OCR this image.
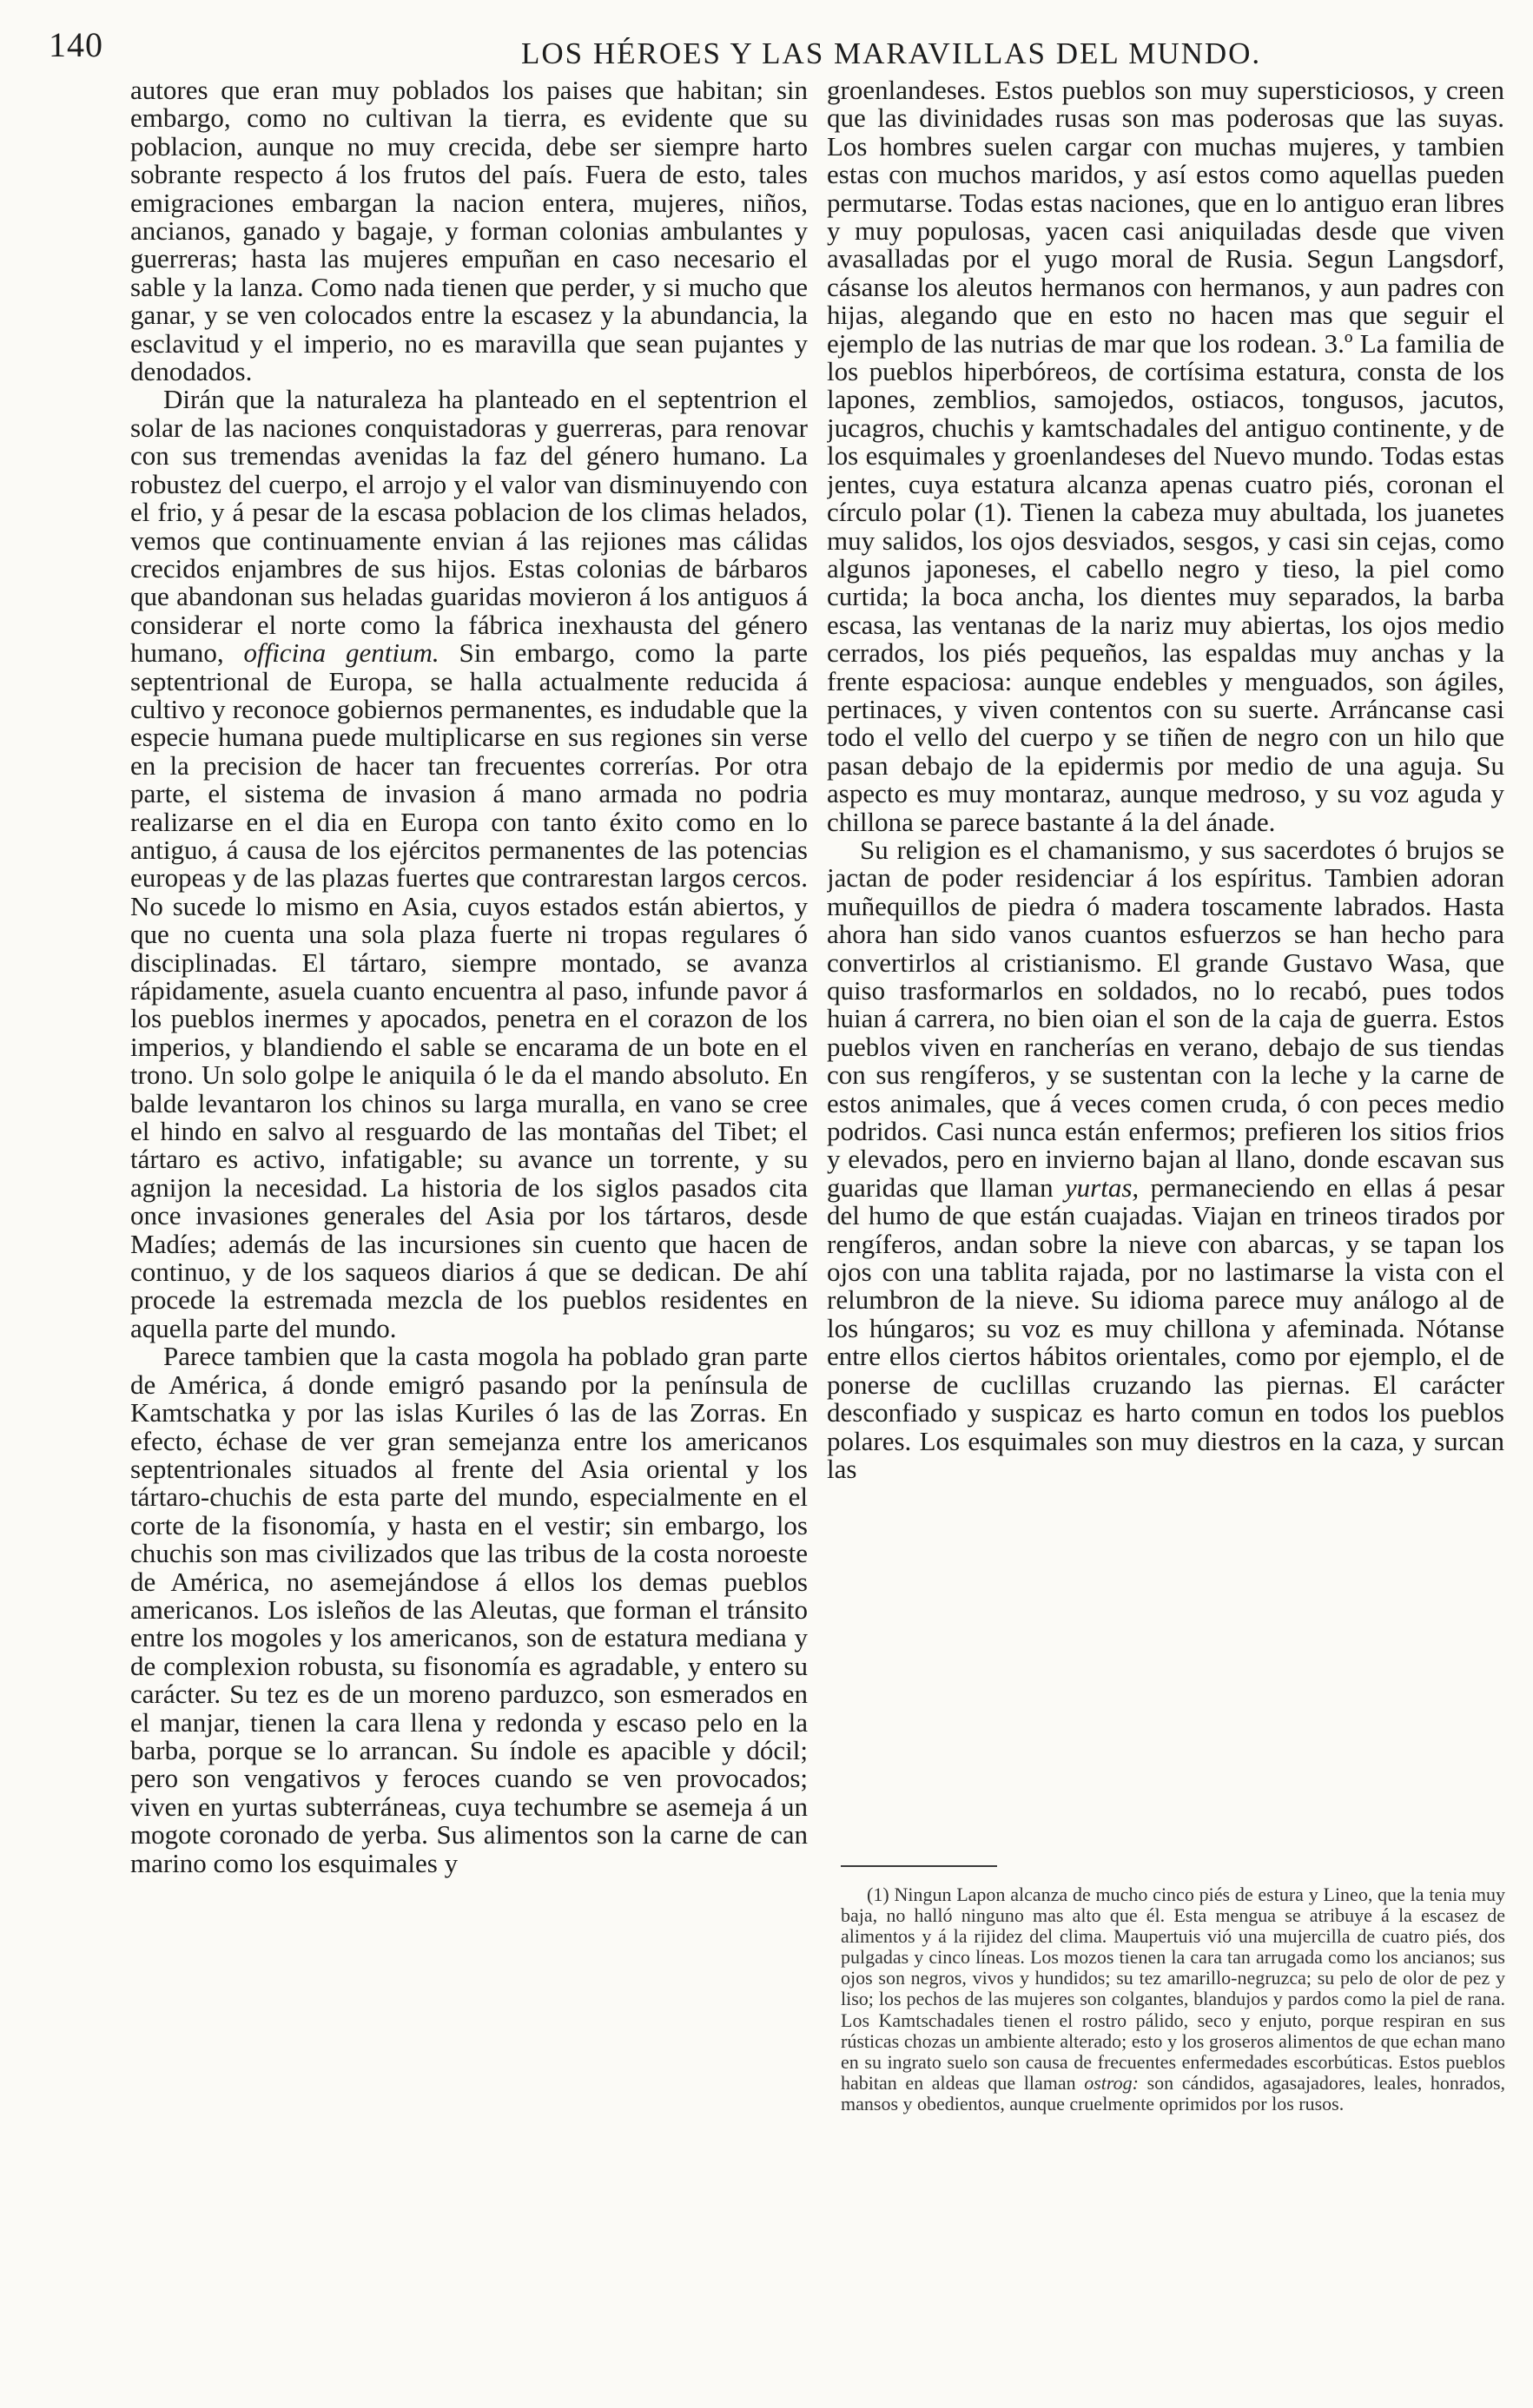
140	LOS HÉROES Y LAS MARAVILLAS DEL MUNDO.

autores que eran muy poblados los paises que habitan; sin embargo, como no cultivan la tierra, es evidente que su poblacion, aunque no muy crecida, debe ser siempre harto sobrante respecto á los frutos del país. Fuera de esto, tales emigraciones embargan la nacion entera, mujeres, niños, ancianos, ganado y bagaje, y forman colonias ambulantes y guerreras; hasta las mujeres empuñan en caso necesario el sable y la lanza. Como nada tienen que perder, y si mucho que ganar, y se ven colocados entre la escasez y la abundancia, la esclavitud y el imperio, no es maravilla que sean pujantes y denodados.

Dirán que la naturaleza ha planteado en el septentrion el solar de las naciones conquistadoras y guerreras, para renovar con sus tremendas avenidas la faz del género humano. La robustez del cuerpo, el arrojo y el valor van disminuyendo con el frio, y á pesar de la escasa poblacion de los climas helados, vemos que continuamente envian á las rejiones mas cálidas crecidos enjambres de sus hijos. Estas colonias de bárbaros que abandonan sus heladas guaridas movieron á los antiguos á considerar el norte como la fábrica inexhausta del género humano, officina gentium. Sin embargo, como la parte septentrional de Europa, se halla actualmente reducida á cultivo y reconoce gobiernos permanentes, es indudable que la especie humana puede multiplicarse en sus regiones sin verse en la precision de hacer tan frecuentes correrías. Por otra parte, el sistema de invasion á mano armada no podria realizarse en el dia en Europa con tanto éxito como en lo antiguo, á causa de los ejércitos permanentes de las potencias europeas y de las plazas fuertes que contrarestan largos cercos. No sucede lo mismo en Asia, cuyos estados están abiertos, y que no cuenta una sola plaza fuerte ni tropas regulares ó disciplinadas. El tártaro, siempre montado, se avanza rápidamente, asuela cuanto encuentra al paso, infunde pavor á los pueblos inermes y apocados, penetra en el corazon de los imperios, y blandiendo el sable se encarama de un bote en el trono. Un solo golpe le aniquila ó le da el mando absoluto. En balde levantaron los chinos su larga muralla, en vano se cree el hindo en salvo al resguardo de las montañas del Tibet; el tártaro es activo, infatigable; su avance un torrente, y su agnijon la necesidad. La historia de los siglos pasados cita once invasiones generales del Asia por los tártaros, desde Madíes; además de las incursiones sin cuento que hacen de continuo, y de los saqueos diarios á que se dedican. De ahí procede la estremada mezcla de los pueblos residentes en aquella parte del mundo.

Parece tambien que la casta mogola ha poblado gran parte de América, á donde emigró pasando por la península de Kamtschatka y por las islas Kuriles ó las de las Zorras. En efecto, échase de ver gran semejanza entre los americanos septentrionales situados al frente del Asia oriental y los tártaro-chuchis de esta parte del mundo, especialmente en el corte de la fisonomía, y hasta en el vestir; sin embargo, los chuchis son mas civilizados que las tribus de la costa noroeste de América, no asemejándose á ellos los demas pueblos americanos. Los isleños de las Aleutas, que forman el tránsito entre los mogoles y los americanos, son de estatura mediana y de complexion robusta, su fisonomía es agradable, y entero su carácter. Su tez es de un moreno parduzco, son esmerados en el manjar, tienen la cara llena y redonda y escaso pelo en la barba, porque se lo arrancan. Su índole es apacible y dócil; pero son vengativos y feroces cuando se ven provocados; viven en yurtas subterráneas, cuya techumbre se asemeja á un mogote coronado de yerba. Sus alimentos son la carne de can marino como los esquimales y

groenlandeses. Estos pueblos son muy supersticiosos, y creen que las divinidades rusas son mas poderosas que las suyas. Los hombres suelen cargar con muchas mujeres, y tambien estas con muchos maridos, y así estos como aquellas pueden permutarse. Todas estas naciones, que en lo antiguo eran libres y muy populosas, yacen casi aniquiladas desde que viven avasalladas por el yugo moral de Rusia. Segun Langsdorf, cásanse los aleutos hermanos con hermanos, y aun padres con hijas, alegando que en esto no hacen mas que seguir el ejemplo de las nutrias de mar que los rodean. 3.º La familia de los pueblos hiperbóreos, de cortísima estatura, consta de los lapones, zemblios, samojedos, ostiacos, tongusos, jacutos, jucagros, chuchis y kamtschadales del antiguo continente, y de los esquimales y groenlandeses del Nuevo mundo. Todas estas jentes, cuya estatura alcanza apenas cuatro piés, coronan el círculo polar (1). Tienen la cabeza muy abultada, los juanetes muy salidos, los ojos desviados, sesgos, y casi sin cejas, como algunos japoneses, el cabello negro y tieso, la piel como curtida; la boca ancha, los dientes muy separados, la barba escasa, las ventanas de la nariz muy abiertas, los ojos medio cerrados, los piés pequeños, las espaldas muy anchas y la frente espaciosa: aunque endebles y menguados, son ágiles, pertinaces, y viven contentos con su suerte. Arráncanse casi todo el vello del cuerpo y se tiñen de negro con un hilo que pasan debajo de la epidermis por medio de una aguja. Su aspecto es muy montaraz, aunque medroso, y su voz aguda y chillona se parece bastante á la del ánade.

Su religion es el chamanismo, y sus sacerdotes ó brujos se jactan de poder residenciar á los espíritus. Tambien adoran muñequillos de piedra ó madera toscamente labrados. Hasta ahora han sido vanos cuantos esfuerzos se han hecho para convertirlos al cristianismo. El grande Gustavo Wasa, que quiso trasformarlos en soldados, no lo recabó, pues todos huian á carrera, no bien oian el son de la caja de guerra. Estos pueblos viven en rancherías en verano, debajo de sus tiendas con sus rengíferos, y se sustentan con la leche y la carne de estos animales, que á veces comen cruda, ó con peces medio podridos. Casi nunca están enfermos; prefieren los sitios frios y elevados, pero en invierno bajan al llano, donde escavan sus guaridas que llaman yurtas, permaneciendo en ellas á pesar del humo de que están cuajadas. Viajan en trineos tirados por rengíferos, andan sobre la nieve con abarcas, y se tapan los ojos con una tablita rajada, por no lastimarse la vista con el relumbron de la nieve. Su idioma parece muy análogo al de los húngaros; su voz es muy chillona y afeminada. Nótanse entre ellos ciertos hábitos orientales, como por ejemplo, el de ponerse de cuclillas cruzando las piernas. El carácter desconfiado y suspicaz es harto comun en todos los pueblos polares. Los esquimales son muy diestros en la caza, y surcan las

(1) Ningun Lapon alcanza de mucho cinco piés de estura y Lineo, que la tenia muy baja, no halló ninguno mas alto que él. Esta mengua se atribuye á la escasez de alimentos y á la rijidez del clima. Maupertuis vió una mujercilla de cuatro piés, dos pulgadas y cinco líneas. Los mozos tienen la cara tan arrugada como los ancianos; sus ojos son negros, vivos y hundidos; su tez amarillo-negruzca; su pelo de olor de pez y liso; los pechos de las mujeres son colgantes, blandujos y pardos como la piel de rana. Los Kamtschadales tienen el rostro pálido, seco y enjuto, porque respiran en sus rústicas chozas un ambiente alterado; esto y los groseros alimentos de que echan mano en su ingrato suelo son causa de frecuentes enfermedades escorbúticas. Estos pueblos habitan en aldeas que llaman ostrog: son cándidos, agasajadores, leales, honrados, mansos y obedientos, aunque cruelmente oprimidos por los rusos.
